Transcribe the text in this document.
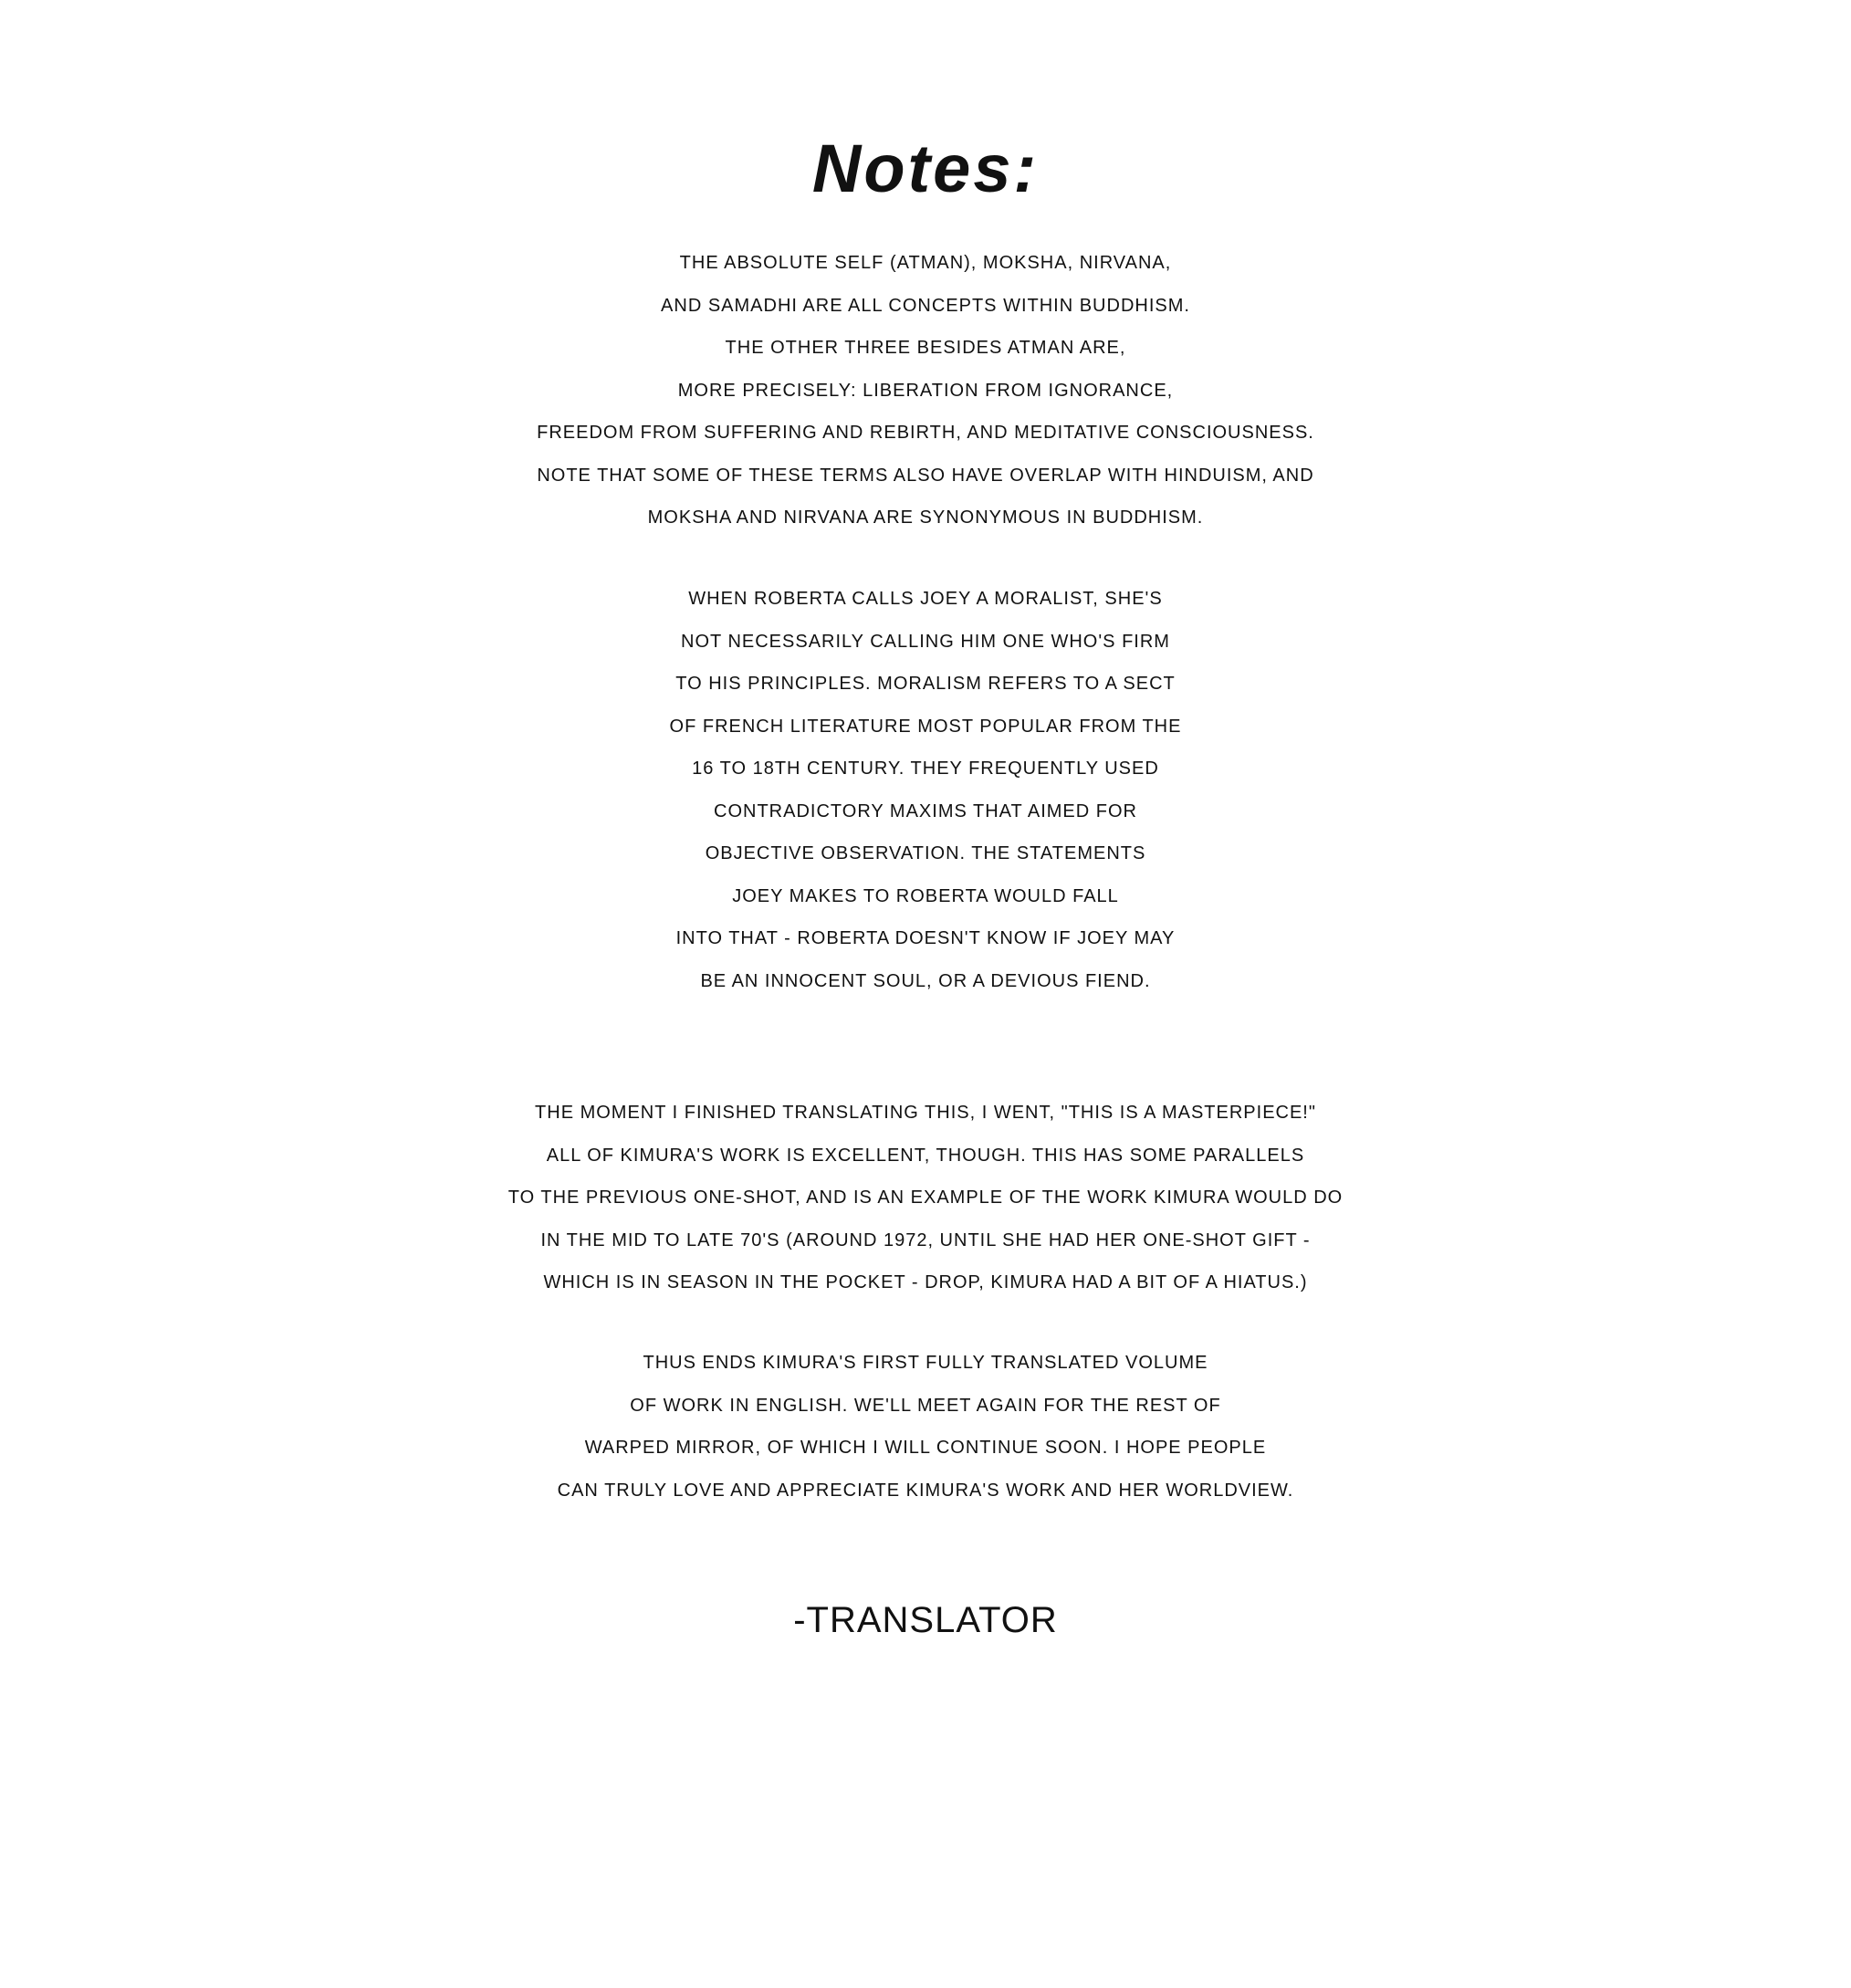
Notes:
THE ABSOLUTE SELF (ATMAN), MOKSHA, NIRVANA,
AND SAMADHI ARE ALL CONCEPTS WITHIN BUDDHISM.
THE OTHER THREE BESIDES ATMAN ARE,
MORE PRECISELY: LIBERATION FROM IGNORANCE,
FREEDOM FROM SUFFERING AND REBIRTH, AND MEDITATIVE CONSCIOUSNESS.
NOTE THAT SOME OF THESE TERMS ALSO HAVE OVERLAP WITH HINDUISM, AND
MOKSHA AND NIRVANA ARE SYNONYMOUS IN BUDDHISM.
WHEN ROBERTA CALLS JOEY A MORALIST, SHE'S
NOT NECESSARILY CALLING HIM ONE WHO'S FIRM
TO HIS PRINCIPLES. MORALISM REFERS TO A SECT
OF FRENCH LITERATURE MOST POPULAR FROM THE
16 TO 18TH CENTURY. THEY FREQUENTLY USED
CONTRADICTORY MAXIMS THAT AIMED FOR
OBJECTIVE OBSERVATION. THE STATEMENTS
JOEY MAKES TO ROBERTA WOULD FALL
INTO THAT - ROBERTA DOESN'T KNOW IF JOEY MAY
BE AN INNOCENT SOUL, OR A DEVIOUS FIEND.
THE MOMENT I FINISHED TRANSLATING THIS, I WENT, "THIS IS A MASTERPIECE!"
ALL OF KIMURA'S WORK IS EXCELLENT, THOUGH. THIS HAS SOME PARALLELS
TO THE PREVIOUS ONE-SHOT, AND IS AN EXAMPLE OF THE WORK KIMURA WOULD DO
IN THE MID TO LATE 70'S (AROUND 1972, UNTIL SHE HAD HER ONE-SHOT GIFT -
WHICH IS IN SEASON IN THE POCKET - DROP, KIMURA HAD A BIT OF A HIATUS.)
THUS ENDS KIMURA'S FIRST FULLY TRANSLATED VOLUME
OF WORK IN ENGLISH. WE'LL MEET AGAIN FOR THE REST OF
WARPED MIRROR, OF WHICH I WILL CONTINUE SOON. I HOPE PEOPLE
CAN TRULY LOVE AND APPRECIATE KIMURA'S WORK AND HER WORLDVIEW.
-TRANSLATOR
